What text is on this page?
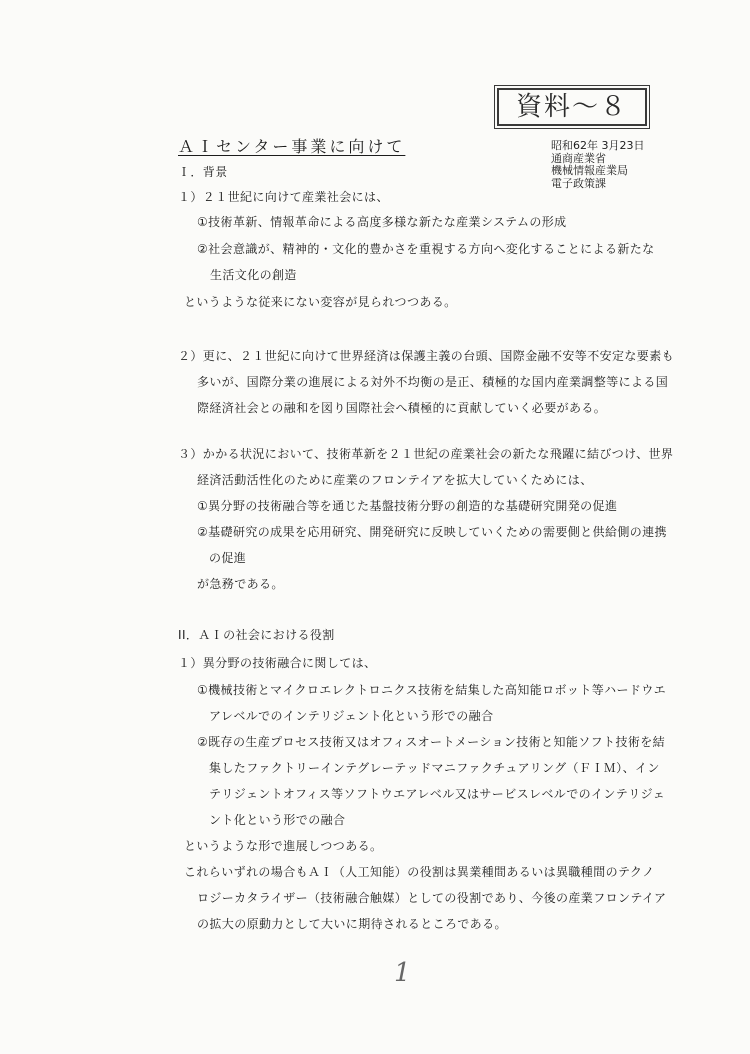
資料〜８
ＡＩセンター事業に向けて	昭和62年 3月23日
通商産業省
機械情報産業局
電子政策課
Ｉ．背景
１）２１世紀に向けて産業社会には、
①技術革新、情報革命による高度多様な新たな産業システムの形成
②社会意識が、精神的・文化的豊かさを重視する方向へ変化することによる新たな
生活文化の創造
というような従来にない変容が見られつつある。
２）更に、２１世紀に向けて世界経済は保護主義の台頭、国際金融不安等不安定な要素も
多いが、国際分業の進展による対外不均衡の是正、積極的な国内産業調整等による国
際経済社会との融和を図り国際社会へ積極的に貢献していく必要がある。
３）かかる状況において、技術革新を２１世紀の産業社会の新たな飛躍に結びつけ、世界
経済活動活性化のために産業のフロンテイアを拡大していくためには、
①異分野の技術融合等を通じた基盤技術分野の創造的な基礎研究開発の促進
②基礎研究の成果を応用研究、開発研究に反映していくための需要側と供給側の連携
の促進
が急務である。
II．ＡＩの社会における役割
１）異分野の技術融合に関しては、
①機械技術とマイクロエレクトロニクス技術を結集した高知能ロボット等ハードウエ
アレベルでのインテリジェント化という形での融合
②既存の生産プロセス技術又はオフィスオートメーション技術と知能ソフト技術を結
集したファクトリーインテグレーテッドマニファクチュアリング（ＦＩＭ）、イン
テリジェントオフィス等ソフトウエアレベル又はサービスレベルでのインテリジェ
ント化という形での融合
というような形で進展しつつある。
これらいずれの場合もＡＩ（人工知能）の役割は異業種間あるいは異職種間のテクノ
ロジーカタライザー（技術融合触媒）としての役割であり、今後の産業フロンテイア
の拡大の原動力として大いに期待されるところである。
1
